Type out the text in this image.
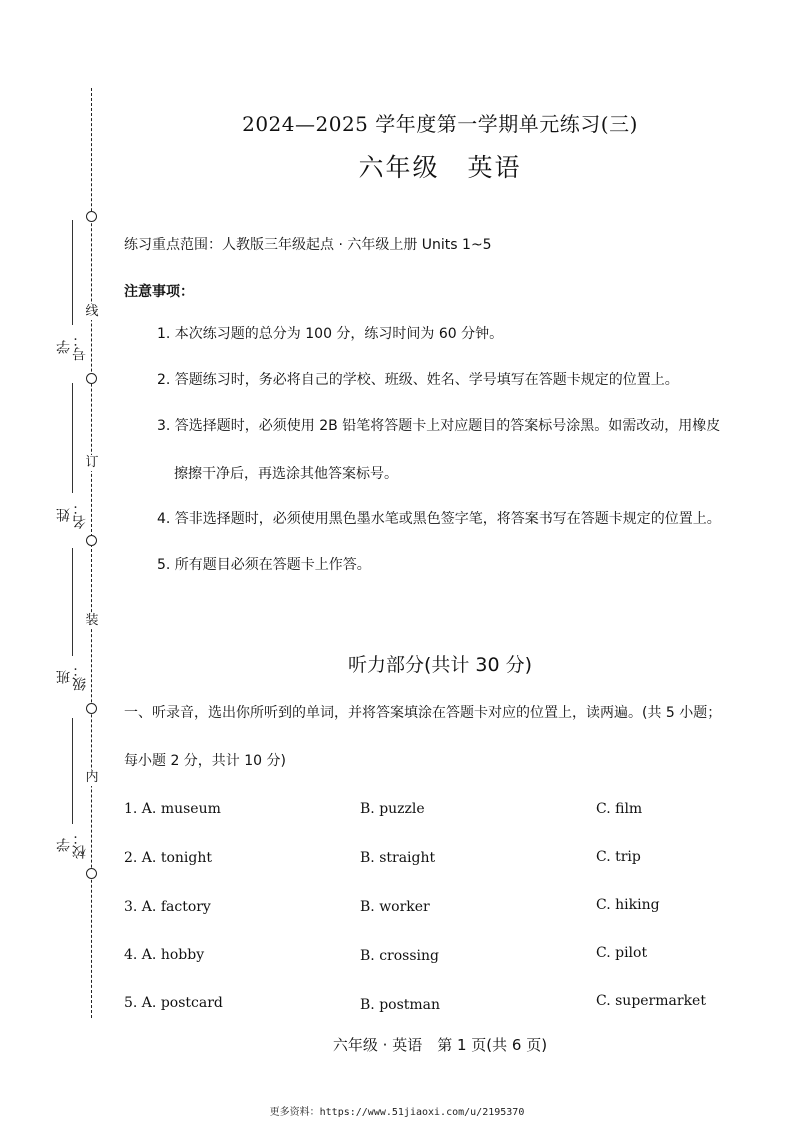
线
订
装
内
学号：
姓名：
班级：
学校：
2024—2025 学年度第一学期单元练习(三)
六年级 英语
练习重点范围：人教版三年级起点 · 六年级上册 Units 1~5
注意事项：
1. 本次练习题的总分为 100 分，练习时间为 60 分钟。
2. 答题练习时，务必将自己的学校、班级、姓名、学号填写在答题卡规定的位置上。
3. 答选择题时，必须使用 2B 铅笔将答题卡上对应题目的答案标号涂黑。如需改动，用橡皮
擦擦干净后，再选涂其他答案标号。
4. 答非选择题时，必须使用黑色墨水笔或黑色签字笔，将答案书写在答题卡规定的位置上。
5. 所有题目必须在答题卡上作答。
听力部分(共计 30 分)
一、听录音，选出你所听到的单词，并将答案填涂在答题卡对应的位置上，读两遍。(共 5 小题；
每小题 2 分，共计 10 分)
1. A. museum	B. puzzle	C. film
2. A. tonight	B. straight	C. trip
3. A. factory	B. worker	C. hiking
4. A. hobby	B. crossing	C. pilot
5. A. postcard	B. postman	C. supermarket
六年级 · 英语　第 1 页(共 6 页)
更多资料：https://www.51jiaoxi.com/u/2195370
